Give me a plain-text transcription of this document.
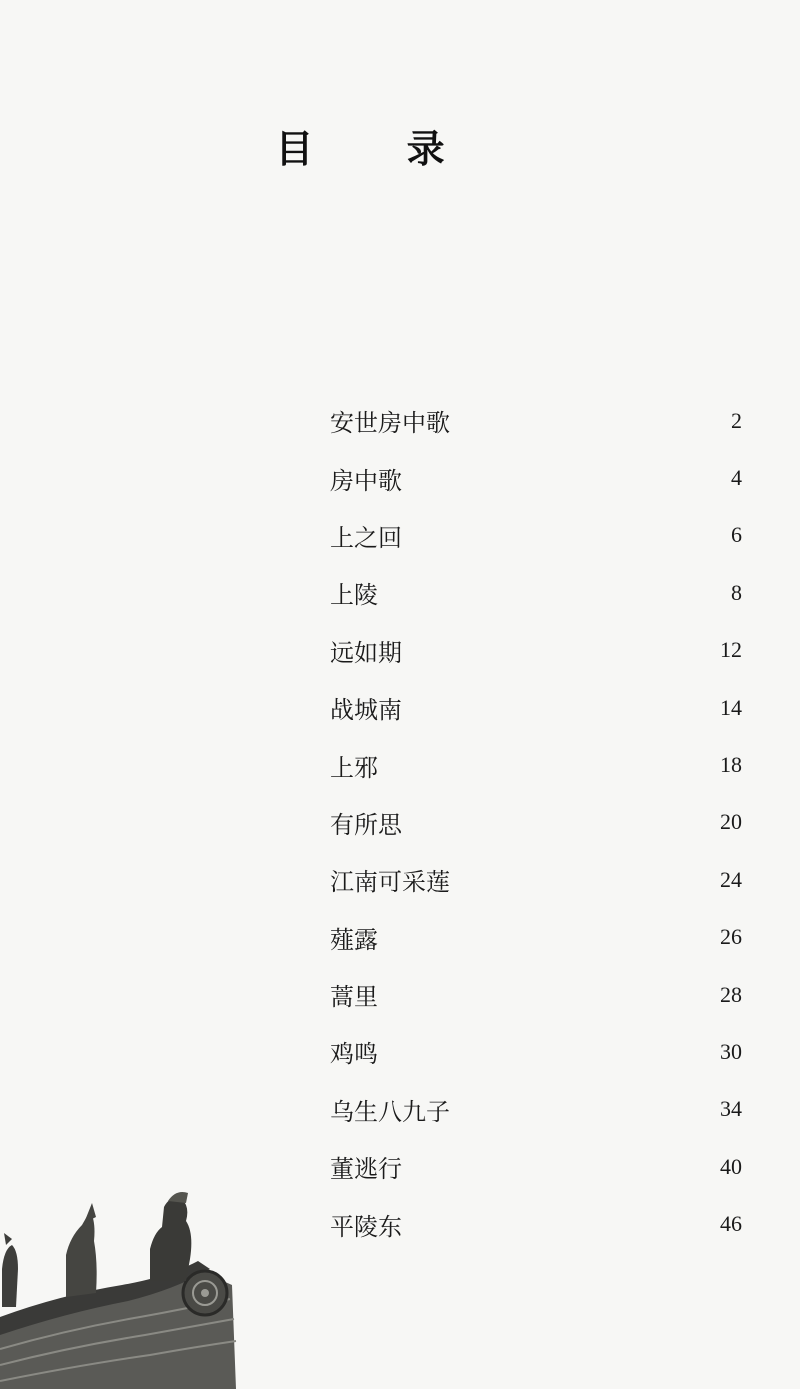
目 录
安世房中歌	2
房中歌	4
上之回	6
上陵	8
远如期	12
战城南	14
上邪	18
有所思	20
江南可采莲	24
薤露	26
蒿里	28
鸡鸣	30
乌生八九子	34
董逃行	40
平陵东	46
